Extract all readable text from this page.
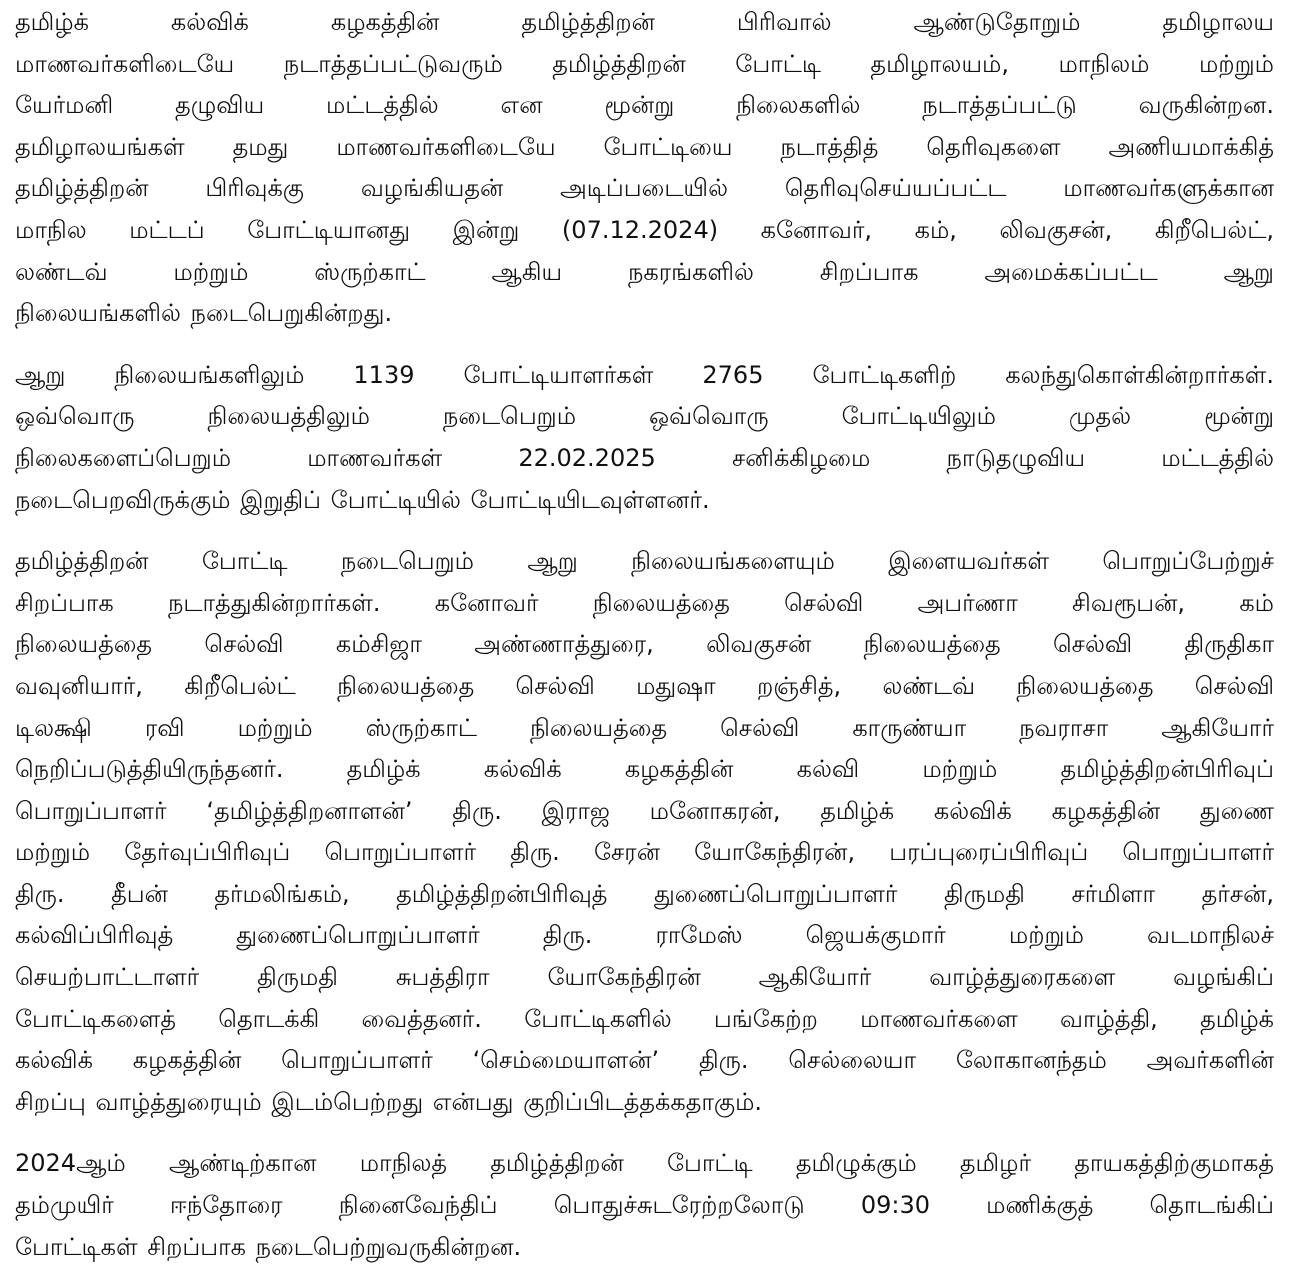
தமிழ்க் கல்விக் கழகத்தின் தமிழ்த்திறன் பிரிவால் ஆண்டுதோறும் தமிழாலய
மாணவர்களிடையே நடாத்தப்பட்டுவரும் தமிழ்த்திறன் போட்டி தமிழாலயம், மாநிலம் மற்றும்
யேர்மனி தழுவிய மட்டத்தில் என மூன்று நிலைகளில் நடாத்தப்பட்டு வருகின்றன.
தமிழாலயங்கள் தமது மாணவர்களிடையே போட்டியை நடாத்தித் தெரிவுகளை அணியமாக்கித்
தமிழ்த்திறன் பிரிவுக்கு வழங்கியதன் அடிப்படையில் தெரிவுசெய்யப்பட்ட மாணவர்களுக்கான
மாநில மட்டப் போட்டியானது இன்று (07.12.2024) கனோவர், கம், லிவகுசன், கிறீபெல்ட்,
லண்டவ் மற்றும் ஸ்ருற்காட் ஆகிய நகரங்களில் சிறப்பாக அமைக்கப்பட்ட ஆறு
நிலையங்களில் நடைபெறுகின்றது.
ஆறு நிலையங்களிலும் 1139 போட்டியாளர்கள் 2765 போட்டிகளிற் கலந்துகொள்கின்றார்கள்.
ஒவ்வொரு நிலையத்திலும் நடைபெறும் ஒவ்வொரு போட்டியிலும் முதல் மூன்று
நிலைகளைப்பெறும் மாணவர்கள் 22.02.2025 சனிக்கிழமை நாடுதழுவிய மட்டத்தில்
நடைபெறவிருக்கும் இறுதிப் போட்டியில் போட்டியிடவுள்ளனர்.
தமிழ்த்திறன் போட்டி நடைபெறும் ஆறு நிலையங்களையும் இளையவர்கள் பொறுப்பேற்றுச்
சிறப்பாக நடாத்துகின்றார்கள். கனோவர் நிலையத்தை செல்வி அபர்ணா சிவரூபன், கம்
நிலையத்தை செல்வி கம்சிஜா அண்ணாத்துரை, லிவகுசன் நிலையத்தை செல்வி திருதிகா
வவுனியார், கிறீபெல்ட் நிலையத்தை செல்வி மதுஷா றஞ்சித், லண்டவ் நிலையத்தை செல்வி
டிலக்ஷி ரவி மற்றும் ஸ்ருற்காட் நிலையத்தை செல்வி காருண்யா நவராசா ஆகியோர்
நெறிப்படுத்தியிருந்தனர். தமிழ்க் கல்விக் கழகத்தின் கல்வி மற்றும் தமிழ்த்திறன்பிரிவுப்
பொறுப்பாளர் ‘தமிழ்த்திறனாளன்’ திரு. இராஜ மனோகரன், தமிழ்க் கல்விக் கழகத்தின் துணை
மற்றும் தேர்வுப்பிரிவுப் பொறுப்பாளர் திரு. சேரன் யோகேந்திரன், பரப்புரைப்பிரிவுப் பொறுப்பாளர்
திரு. தீபன் தர்மலிங்கம், தமிழ்த்திறன்பிரிவுத் துணைப்பொறுப்பாளர் திருமதி சர்மிளா தர்சன்,
கல்விப்பிரிவுத் துணைப்பொறுப்பாளர் திரு. ராமேஸ் ஜெயக்குமார் மற்றும் வடமாநிலச்
செயற்பாட்டாளர் திருமதி சுபத்திரா யோகேந்திரன் ஆகியோர் வாழ்த்துரைகளை வழங்கிப்
போட்டிகளைத் தொடக்கி வைத்தனர். போட்டிகளில் பங்கேற்ற மாணவர்களை வாழ்த்தி, தமிழ்க்
கல்விக் கழகத்தின் பொறுப்பாளர் ‘செம்மையாளன்’ திரு. செல்லையா லோகானந்தம் அவர்களின்
சிறப்பு வாழ்த்துரையும் இடம்பெற்றது என்பது குறிப்பிடத்தக்கதாகும்.
2024ஆம் ஆண்டிற்கான மாநிலத் தமிழ்த்திறன் போட்டி தமிழுக்கும் தமிழர் தாயகத்திற்குமாகத்
தம்முயிர் ஈந்தோரை நினைவேந்திப் பொதுச்சுடரேற்றலோடு 09:30 மணிக்குத் தொடங்கிப்
போட்டிகள் சிறப்பாக நடைபெற்றுவருகின்றன.
